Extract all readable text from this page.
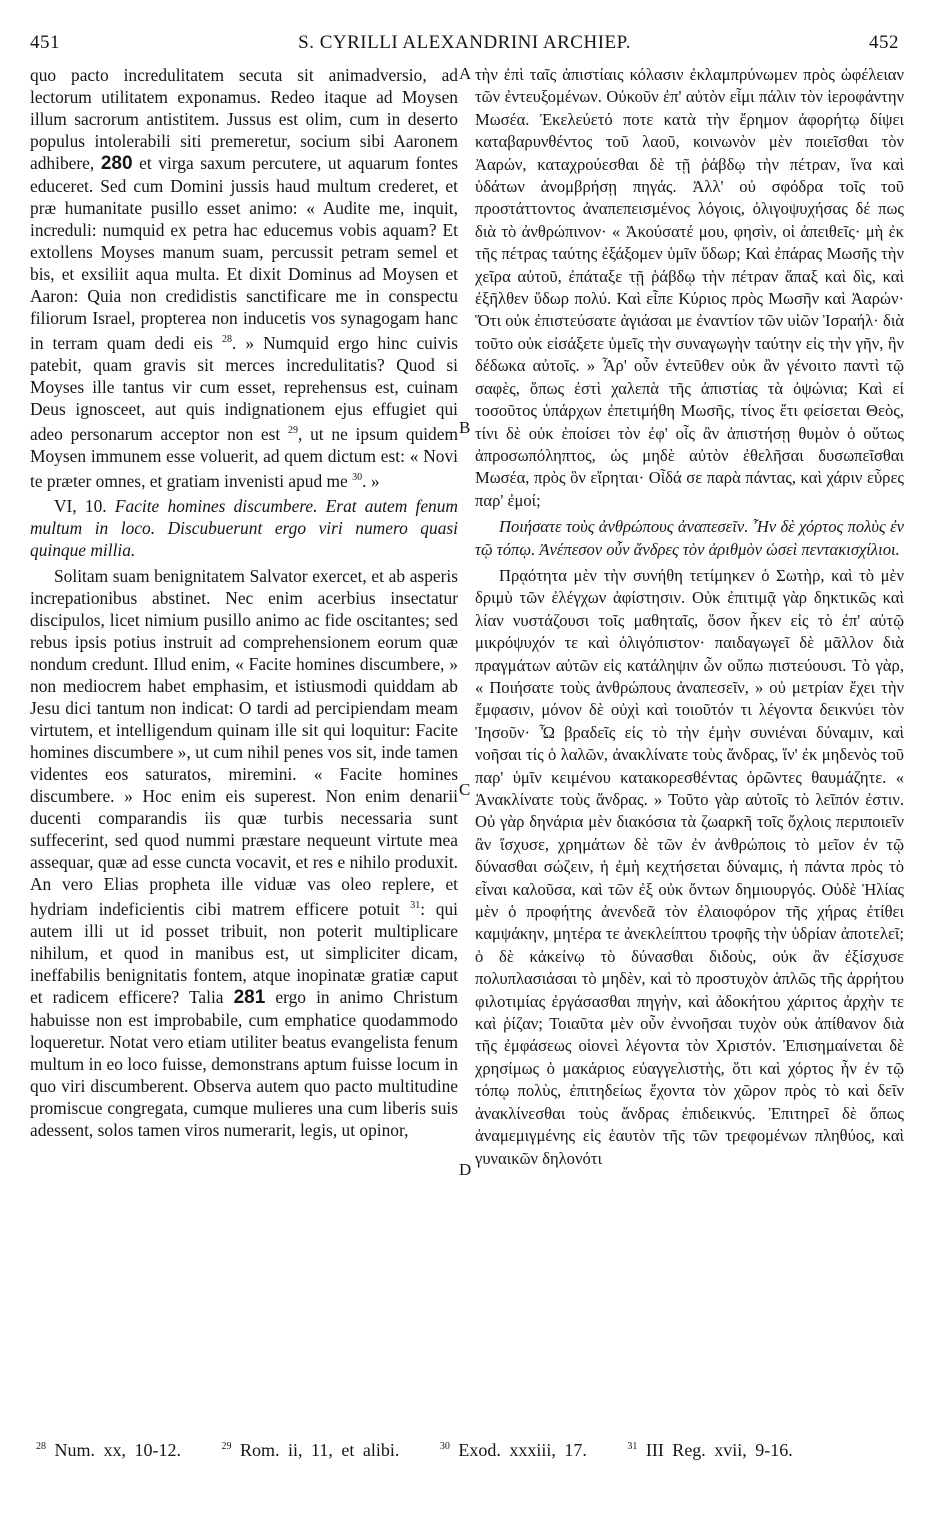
451	S. CYRILLI ALEXANDRINI ARCHIEP.	452
A
B
C
D

quo pacto incredulitatem secuta sit animadversio, ad lectorum utilitatem exponamus. Redeo itaque ad Moysen illum sacrorum antistitem. Jussus est olim, cum in deserto populus intolerabili siti premeretur, socium sibi Aaronem adhibere, 280 et virga saxum percutere, ut aquarum fontes educeret. Sed cum Domini jussis haud multum crederet, et præ humanitate pusillo esset animo: « Audite me, inquit, increduli: numquid ex petra hac educemus vobis aquam? Et extollens Moyses manum suam, percussit petram semel et bis, et exsiliit aqua multa. Et dixit Dominus ad Moysen et Aaron: Quia non credidistis sanctificare me in conspectu filiorum Israel, propterea non inducetis vos synagogam hanc in terram quam dedi eis $^{28}$. » Numquid ergo hinc cuivis patebit, quam gravis sit merces incredulitatis? Quod si Moyses ille tantus vir cum esset, reprehensus est, cuinam Deus ignosceet, aut quis indignationem ejus effugiet qui adeo personarum acceptor non est $^{29}$, ut ne ipsum quidem Moysen immunem esse voluerit, ad quem dictum est: « Novi te præter omnes, et gratiam invenisti apud me $^{30}$. »

VI, 10. Facite homines discumbere. Erat autem fenum multum in loco. Discubuerunt ergo viri numero quasi quinque millia.

Solitam suam benignitatem Salvator exercet, et ab asperis increpationibus abstinet. Nec enim acerbius insectatur discipulos, licet nimium pusillo animo ac fide oscitantes; sed rebus ipsis potius instruit ad comprehensionem eorum quæ nondum credunt. Illud enim, « Facite homines discumbere, » non mediocrem habet emphasim, et istiusmodi quiddam ab Jesu dici tantum non indicat: O tardi ad percipiendam meam virtutem, et intelligendum quinam ille sit qui loquitur: Facite homines discumbere », ut cum nihil penes vos sit, inde tamen videntes eos saturatos, miremini. « Facite homines discumbere. » Hoc enim eis superest. Non enim denarii ducenti comparandis iis quæ turbis necessaria sunt suffecerint, sed quod nummi præstare nequeunt virtute mea assequar, quæ ad esse cuncta vocavit, et res e nihilo produxit. An vero Elias propheta ille viduæ vas oleo replere, et hydriam indeficientis cibi matrem efficere potuit $^{31}$: qui autem illi ut id posset tribuit, non poterit multiplicare nihilum, et quod in manibus est, ut simpliciter dicam, ineffabilis benignitatis fontem, atque inopinatæ gratiæ caput et radicem efficere? Talia 281 ergo in animo Christum habuisse non est improbabile, cum emphatice quodammodo loqueretur. Notat vero etiam utiliter beatus evangelista fenum multum in eo loco fuisse, demonstrans aptum fuisse locum in quo viri discumberent. Observa autem quo pacto multitudine promiscue congregata, cumque mulieres una cum liberis suis adessent, solos tamen viros numerarit, legis, ut opinor,

τὴν ἐπὶ ταῖς ἀπιστίαις κόλασιν ἐκλαμπρύνωμεν πρὸς ὠφέλειαν τῶν ἐντευξομένων. Οὐκοῦν ἐπ' αὐτὸν εἶμι πάλιν τὸν ἱεροφάντην Μωσέα. Ἐκελεύετό ποτε κατὰ τὴν ἔρημον ἀφορήτῳ δίψει καταβαρυνθέντος τοῦ λαοῦ, κοινωνὸν μὲν ποιεῖσθαι τὸν Ἀαρών, καταχρούεσθαι δὲ τῇ ῥάβδῳ τὴν πέτραν, ἵνα καὶ ὑδάτων ἀνομβρήσῃ πηγάς. Ἀλλ' οὐ σφόδρα τοῖς τοῦ προστάττοντος ἀναπεπεισμένος λόγοις, ὀλιγοψυχήσας δέ πως διὰ τὸ ἀνθρώπινον· « Ἀκούσατέ μου, φησὶν, οἱ ἀπειθεῖς· μὴ ἐκ τῆς πέτρας ταύτης ἐξάξομεν ὑμῖν ὕδωρ; Καὶ ἐπάρας Μωσῆς τὴν χεῖρα αὐτοῦ, ἐπάταξε τῇ ῥάβδῳ τὴν πέτραν ἅπαξ καὶ δὶς, καὶ ἐξῆλθεν ὕδωρ πολύ. Καὶ εἶπε Κύριος πρὸς Μωσῆν καὶ Ἀαρών· Ὅτι οὐκ ἐπιστεύσατε ἁγιάσαι με ἐναντίον τῶν υἱῶν Ἰσραήλ· διὰ τοῦτο οὐκ εἰσάξετε ὑμεῖς τὴν συναγωγὴν ταύτην εἰς τὴν γῆν, ἣν δέδωκα αὐτοῖς. » Ἆρ' οὖν ἐντεῦθεν οὐκ ἂν γένοιτο παντὶ τῷ σαφὲς, ὅπως ἐστὶ χαλεπὰ τῆς ἀπιστίας τὰ ὀψώνια; Καὶ εἰ τοσοῦτος ὑπάρχων ἐπετιμήθη Μωσῆς, τίνος ἔτι φείσεται Θεὸς, τίνι δὲ οὐκ ἐποίσει τὸν ἐφ' οἷς ἂν ἀπιστήσῃ θυμὸν ὁ οὕτως ἀπροσωπόληπτος, ὡς μηδὲ αὐτὸν ἐθελῆσαι δυσωπεῖσθαι Μωσέα, πρὸς ὃν εἴρηται· Οἶδά σε παρὰ πάντας, καὶ χάριν εὗρες παρ' ἐμοί;

Ποιήσατε τοὺς ἀνθρώπους ἀναπεσεῖν. Ἦν δὲ χόρτος πολὺς ἐν τῷ τόπῳ. Ἀνέπεσον οὖν ἄνδρες τὸν ἀριθμὸν ὡσεὶ πεντακισχίλιοι.

Πρᾳότητα μὲν τὴν συνήθη τετίμηκεν ὁ Σωτὴρ, καὶ τὸ μὲν δριμὺ τῶν ἐλέγχων ἀφίστησιν. Οὐκ ἐπιτιμᾷ γὰρ δηκτικῶς καὶ λίαν νυστάζουσι τοῖς μαθηταῖς, ὅσον ἧκεν εἰς τὸ ἐπ' αὐτῷ μικρόψυχόν τε καὶ ὀλιγόπιστον· παιδαγωγεῖ δὲ μᾶλλον διὰ πραγμάτων αὐτῶν εἰς κατάληψιν ὧν οὔπω πιστεύουσι. Τὸ γὰρ, « Ποιήσατε τοὺς ἀνθρώπους ἀναπεσεῖν, » οὐ μετρίαν ἔχει τὴν ἔμφασιν, μόνον δὲ οὐχὶ καὶ τοιοῦτόν τι λέγοντα δεικνύει τὸν Ἰησοῦν· Ὦ βραδεῖς εἰς τὸ τὴν ἐμὴν συνιέναι δύναμιν, καὶ νοῆσαι τίς ὁ λαλῶν, ἀνακλίνατε τοὺς ἄνδρας, ἵν' ἐκ μηδενὸς τοῦ παρ' ὑμῖν κειμένου κατακορεσθέντας ὁρῶντες θαυμάζητε. « Ἀνακλίνατε τοὺς ἄνδρας. » Τοῦτο γὰρ αὐτοῖς τὸ λεῖπόν ἐστιν. Οὐ γὰρ δηνάρια μὲν διακόσια τὰ ζωαρκῆ τοῖς ὄχλοις περιποιεῖν ἂν ἴσχυσε, χρημάτων δὲ τῶν ἐν ἀνθρώποις τὸ μεῖον ἐν τῷ δύνασθαι σώζειν, ἡ ἐμὴ κεχτήσεται δύναμις, ἡ πάντα πρὸς τὸ εἶναι καλοῦσα, καὶ τῶν ἐξ οὐκ ὄντων δημιουργός. Οὐδὲ Ἠλίας μὲν ὁ προφήτης ἀνενδεᾶ τὸν ἐλαιοφόρον τῆς χήρας ἐτίθει καμψάκην, μητέρα τε ἀνεκλείπτου τροφῆς τὴν ὑδρίαν ἀποτελεῖ; ὁ δὲ κἀκείνῳ τὸ δύνασθαι διδοὺς, οὐκ ἂν ἐξίσχυσε πολυπλασιάσαι τὸ μηδὲν, καὶ τὸ προστυχὸν ἁπλῶς τῆς ἀρρήτου φιλοτιμίας ἐργάσασθαι πηγὴν, καὶ ἀδοκήτου χάριτος ἀρχὴν τε καὶ ῥίζαν; Τοιαῦτα μὲν οὖν ἐννοῆσαι τυχὸν οὐκ ἀπίθανον διὰ τῆς ἐμφάσεως οἱονεὶ λέγοντα τὸν Χριστόν. Ἐπισημαίνεται δὲ χρησίμως ὁ μακάριος εὐαγγελιστὴς, ὅτι καὶ χόρτος ἦν ἐν τῷ τόπῳ πολὺς, ἐπιτηδείως ἔχοντα τὸν χῶρον πρὸς τὸ καὶ δεῖν ἀνακλίνεσθαι τοὺς ἄνδρας ἐπιδεικνύς. Ἐπιτηρεῖ δὲ ὅπως ἀναμεμιγμένης εἰς ἑαυτὸν τῆς τῶν τρεφομένων πληθύος, καὶ γυναικῶν δηλονότι

$^{28}$ Num. xx, 10-12.	$^{29}$ Rom. ii, 11, et alibi.	$^{30}$ Exod. xxxiii, 17.	$^{31}$ III Reg. xvii, 9-16.
